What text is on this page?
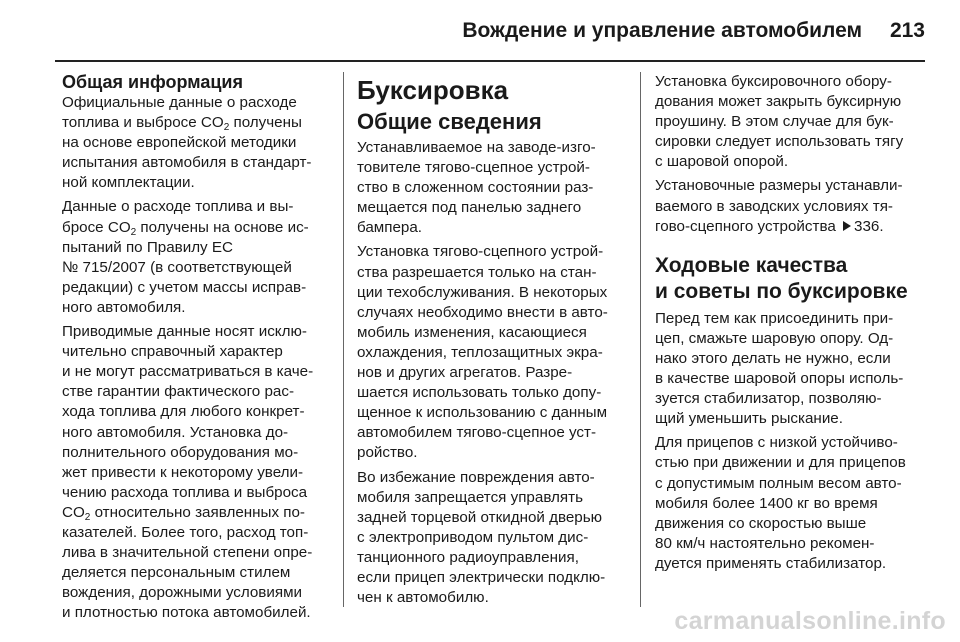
Вождение и управление автомобилем 213
Общая информация
Официальные данные о расходе
топлива и выбросе $CO_2$ получены
на основе европейской методики
испытания автомобиля в стандарт-
ной комплектации.
Данные о расходе топлива и вы-
бросе $CO_2$ получены на основе ис-
пытаний по Правилу ЕС
№ 715/2007 (в соответствующей
редакции) с учетом массы исправ-
ного автомобиля.
Приводимые данные носят исклю-
чительно справочный характер
и не могут рассматриваться в каче-
стве гарантии фактического рас-
хода топлива для любого конкрет-
ного автомобиля. Установка до-
полнительного оборудования мо-
жет привести к некоторому увели-
чению расхода топлива и выброса
$CO_2$ относительно заявленных по-
казателей. Более того, расход топ-
лива в значительной степени опре-
деляется персональным стилем
вождения, дорожными условиями
и плотностью потока автомобилей.
Буксировка
Общие сведения
Устанавливаемое на заводе-изго-
товителе тягово-сцепное устрой-
ство в сложенном состоянии раз-
мещается под панелью заднего
бампера.
Установка тягово-сцепного устрой-
ства разрешается только на стан-
ции техобслуживания. В некоторых
случаях необходимо внести в авто-
мобиль изменения, касающиеся
охлаждения, теплозащитных экра-
нов и других агрегатов. Разре-
шается использовать только допу-
щенное к использованию с данным
автомобилем тягово-сцепное уст-
ройство.
Во избежание повреждения авто-
мобиля запрещается управлять
задней торцевой откидной дверью
с электроприводом пультом дис-
танционного радиоуправления,
если прицеп электрически подклю-
чен к автомобилю.
Установка буксировочного обору-
дования может закрыть буксирную
проушину. В этом случае для бук-
сировки следует использовать тягу
с шаровой опорой.
Установочные размеры устанавли-
ваемого в заводских условиях тя-
гово-сцепного устройства 336.
Ходовые качества
и советы по буксировке
Перед тем как присоединить при-
цеп, смажьте шаровую опору. Од-
нако этого делать не нужно, если
в качестве шаровой опоры исполь-
зуется стабилизатор, позволяю-
щий уменьшить рыскание.
Для прицепов с низкой устойчиво-
стью при движении и для прицепов
с допустимым полным весом авто-
мобиля более 1400 кг во время
движения со скоростью выше
80 км/ч настоятельно рекомен-
дуется применять стабилизатор.
carmanualsonline.info
